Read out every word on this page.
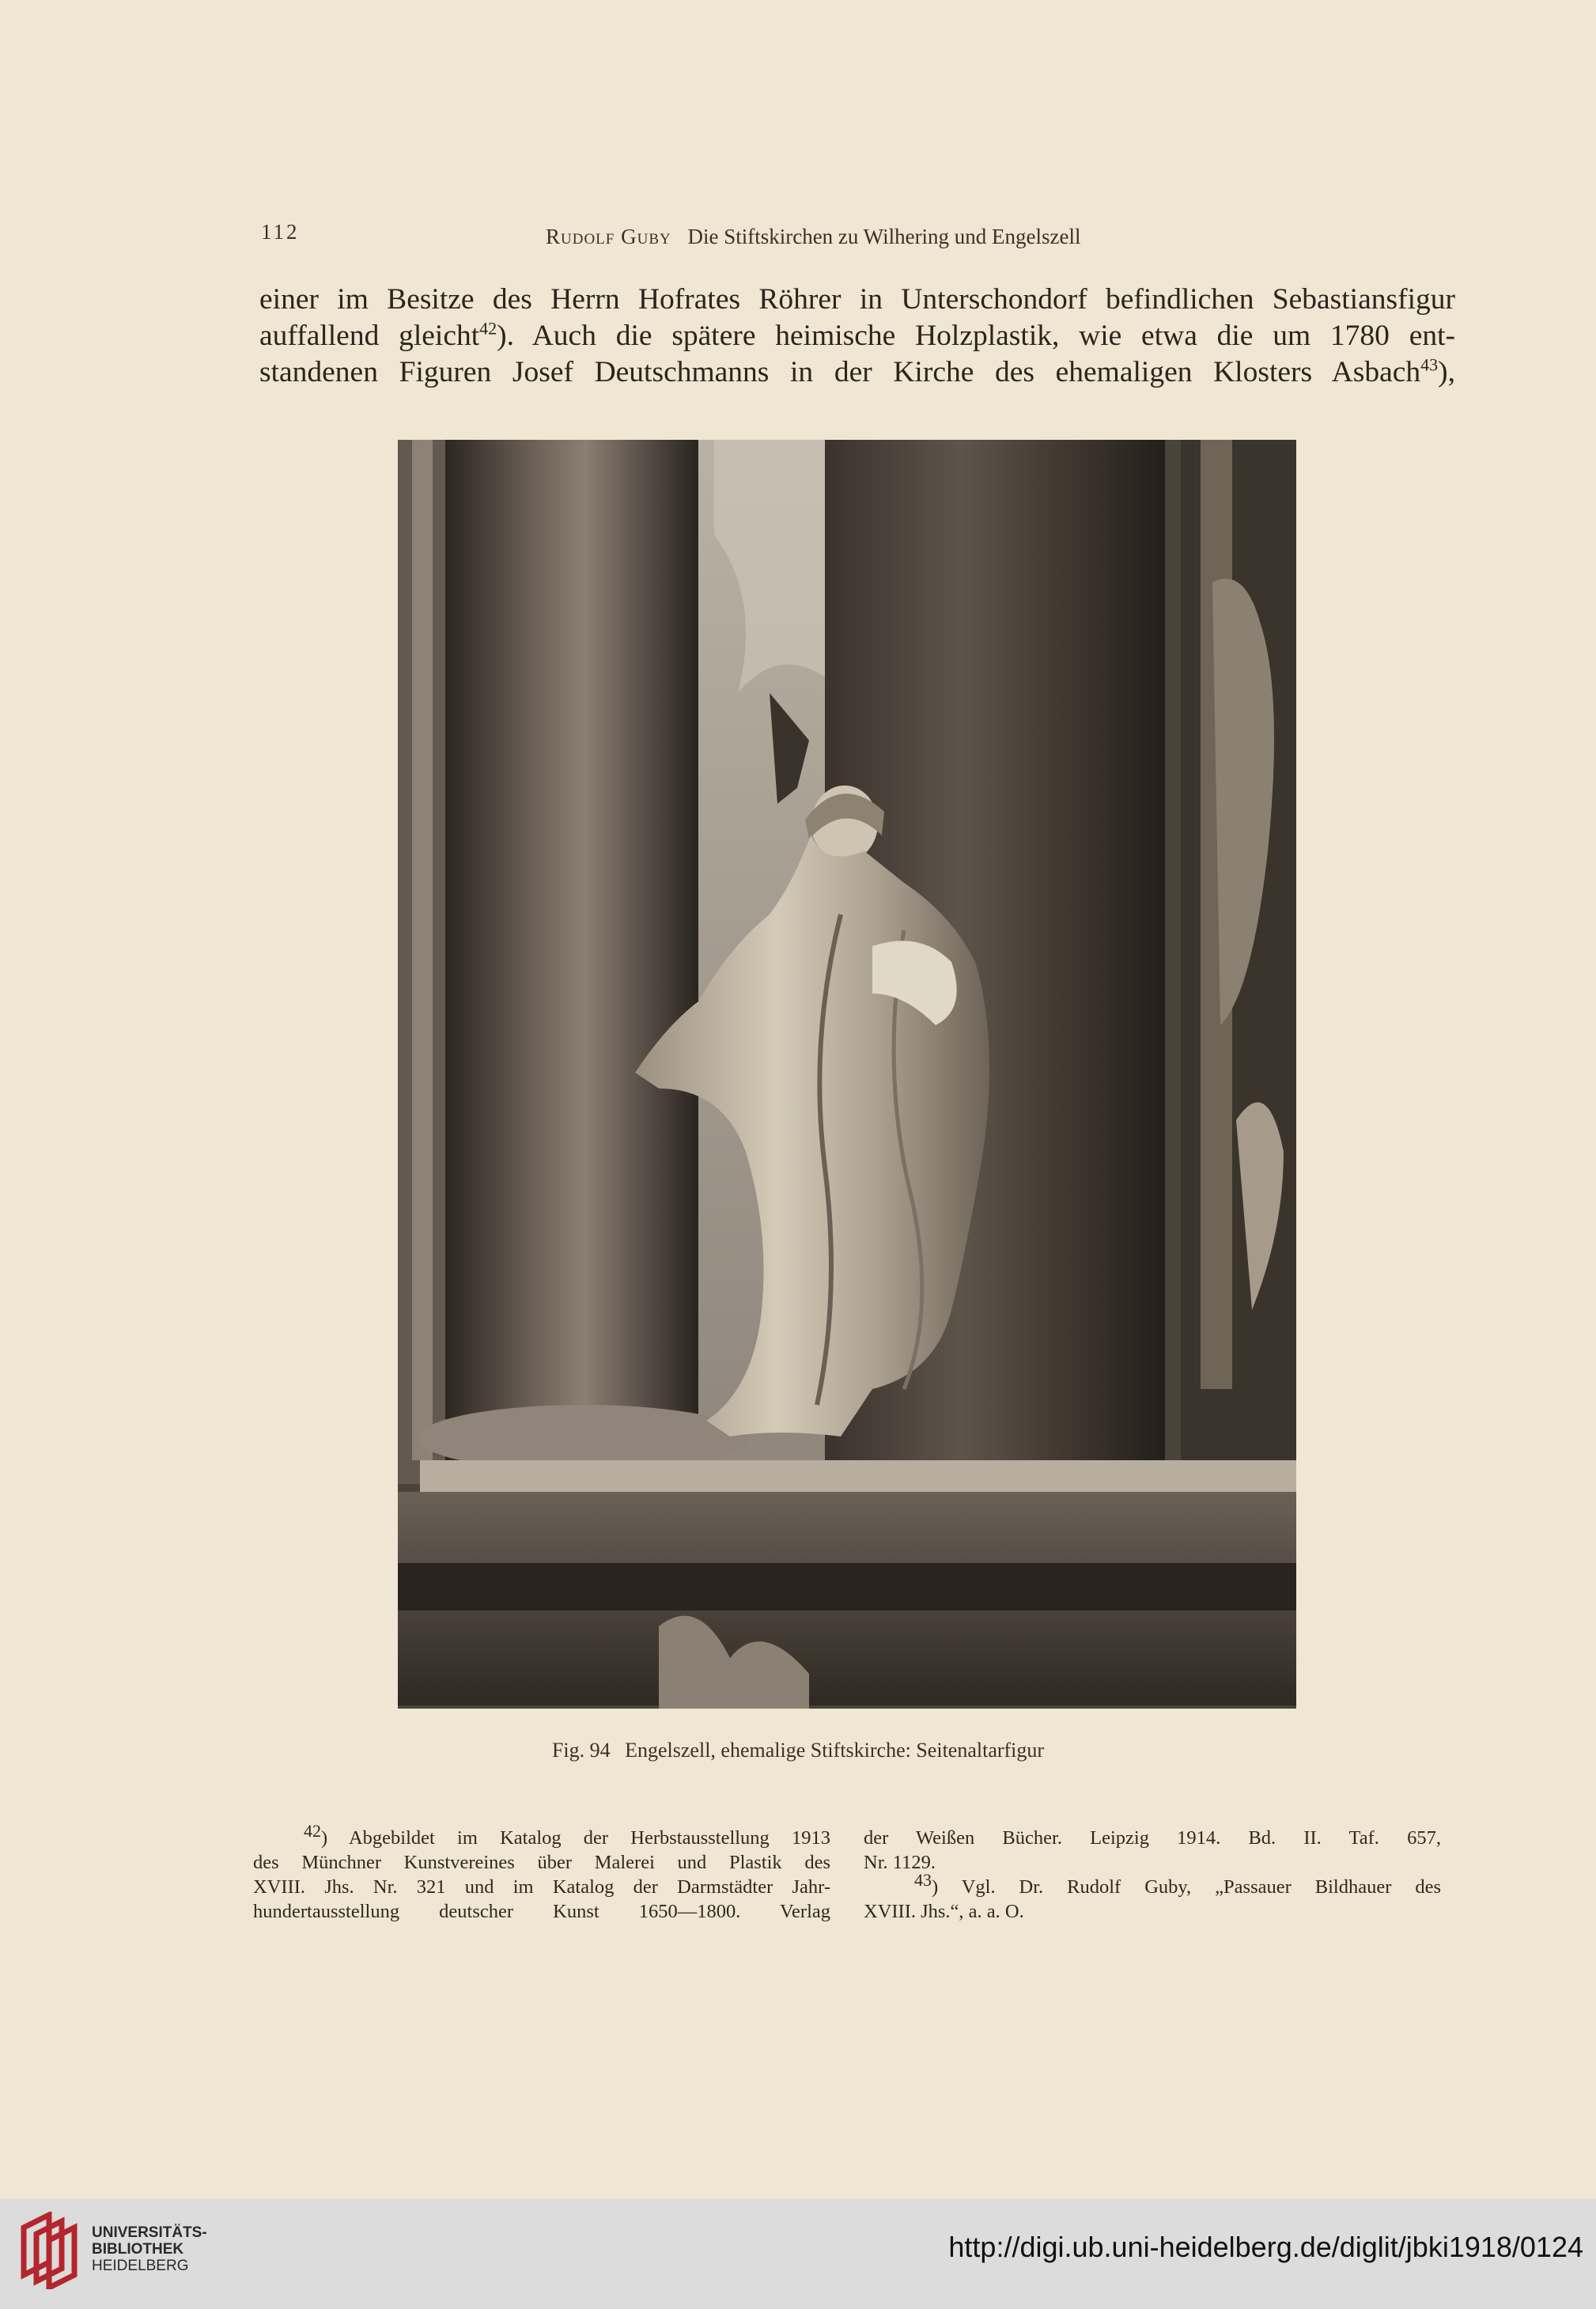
112	Rudolf Guby Die Stiftskirchen zu Wilhering und Engelszell
einer im Besitze des Herrn Hofrates Röhrer in Unterschondorf befindlichen Sebastiansfigur
auffallend gleicht$^{42}$). Auch die spätere heimische Holzplastik, wie etwa die um 1780 ent-
standenen Figuren Josef Deutschmanns in der Kirche des ehemaligen Klosters Asbach$^{43}$),
Fig. 94 Engelszell, ehemalige Stiftskirche: Seitenaltarfigur
$^{42}$) Abgebildet im Katalog der Herbstausstellung 1913
des Münchner Kunstvereines über Malerei und Plastik des
XVIII. Jhs. Nr. 321 und im Katalog der Darmstädter Jahr-
hundertausstellung deutscher Kunst 1650—1800. Verlag
der Weißen Bücher. Leipzig 1914. Bd. II. Taf. 657,
Nr. 1129.
$^{43}$) Vgl. Dr. Rudolf Guby, „Passauer Bildhauer des
XVIII. Jhs.“, a. a. O.
UNIVERSITÄTS-
BIBLIOTHEK
HEIDELBERG
http://digi.ub.uni-heidelberg.de/diglit/jbki1918/0124
